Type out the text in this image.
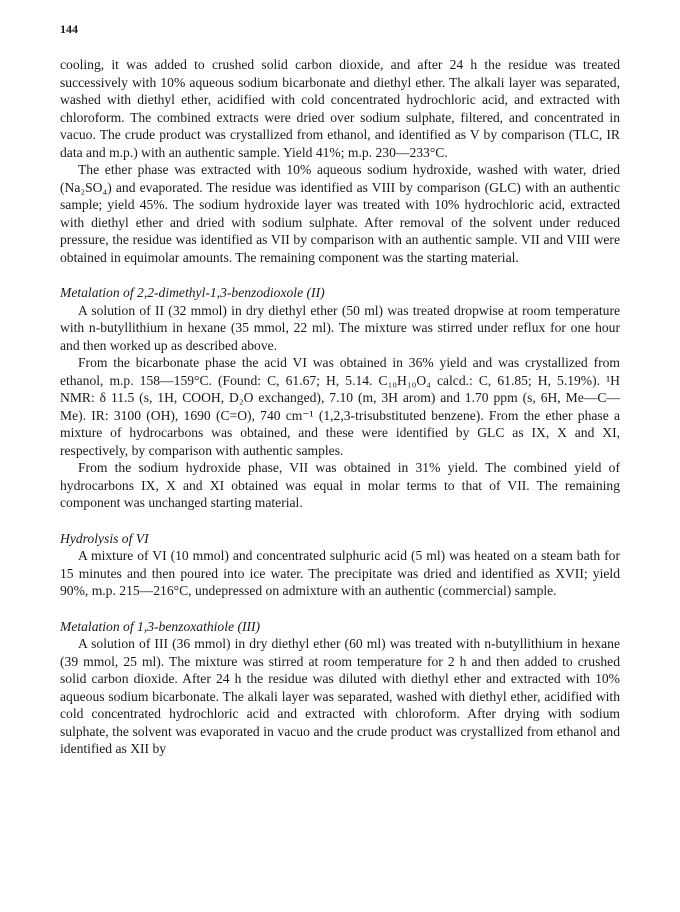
144

cooling, it was added to crushed solid carbon dioxide, and after 24 h the residue was treated successively with 10% aqueous sodium bicarbonate and diethyl ether. The alkali layer was separated, washed with diethyl ether, acidified with cold concentrated hydrochloric acid, and extracted with chloroform. The combined extracts were dried over sodium sulphate, filtered, and concentrated in vacuo. The crude product was crystallized from ethanol, and identified as V by comparison (TLC, IR data and m.p.) with an authentic sample. Yield 41%; m.p. 230—233°C.

The ether phase was extracted with 10% aqueous sodium hydroxide, washed with water, dried (Na₂SO₄) and evaporated. The residue was identified as VIII by comparison (GLC) with an authentic sample; yield 45%. The sodium hydroxide layer was treated with 10% hydrochloric acid, extracted with diethyl ether and dried with sodium sulphate. After removal of the solvent under reduced pressure, the residue was identified as VII by comparison with an authentic sample. VII and VIII were obtained in equimolar amounts. The remaining component was the starting material.

Metalation of 2,2-dimethyl-1,3-benzodioxole (II)

A solution of II (32 mmol) in dry diethyl ether (50 ml) was treated dropwise at room temperature with n-butyllithium in hexane (35 mmol, 22 ml). The mixture was stirred under reflux for one hour and then worked up as described above.

From the bicarbonate phase the acid VI was obtained in 36% yield and was crystallized from ethanol, m.p. 158—159°C. (Found: C, 61.67; H, 5.14. C₁₀H₁₀O₄ calcd.: C, 61.85; H, 5.19%). ¹H NMR: δ 11.5 (s, 1H, COOH, D₂O exchanged), 7.10 (m, 3H arom) and 1.70 ppm (s, 6H, Me—C—Me). IR: 3100 (OH), 1690 (C=O), 740 cm⁻¹ (1,2,3-trisubstituted benzene). From the ether phase a mixture of hydrocarbons was obtained, and these were identified by GLC as IX, X and XI, respectively, by comparison with authentic samples.

From the sodium hydroxide phase, VII was obtained in 31% yield. The combined yield of hydrocarbons IX, X and XI obtained was equal in molar terms to that of VII. The remaining component was unchanged starting material.

Hydrolysis of VI

A mixture of VI (10 mmol) and concentrated sulphuric acid (5 ml) was heated on a steam bath for 15 minutes and then poured into ice water. The precipitate was dried and identified as XVII; yield 90%, m.p. 215—216°C, undepressed on admixture with an authentic (commercial) sample.

Metalation of 1,3-benzoxathiole (III)

A solution of III (36 mmol) in dry diethyl ether (60 ml) was treated with n-butyllithium in hexane (39 mmol, 25 ml). The mixture was stirred at room temperature for 2 h and then added to crushed solid carbon dioxide. After 24 h the residue was diluted with diethyl ether and extracted with 10% aqueous sodium bicarbonate. The alkali layer was separated, washed with diethyl ether, acidified with cold concentrated hydrochloric acid and extracted with chloroform. After drying with sodium sulphate, the solvent was evaporated in vacuo and the crude product was crystallized from ethanol and identified as XII by
